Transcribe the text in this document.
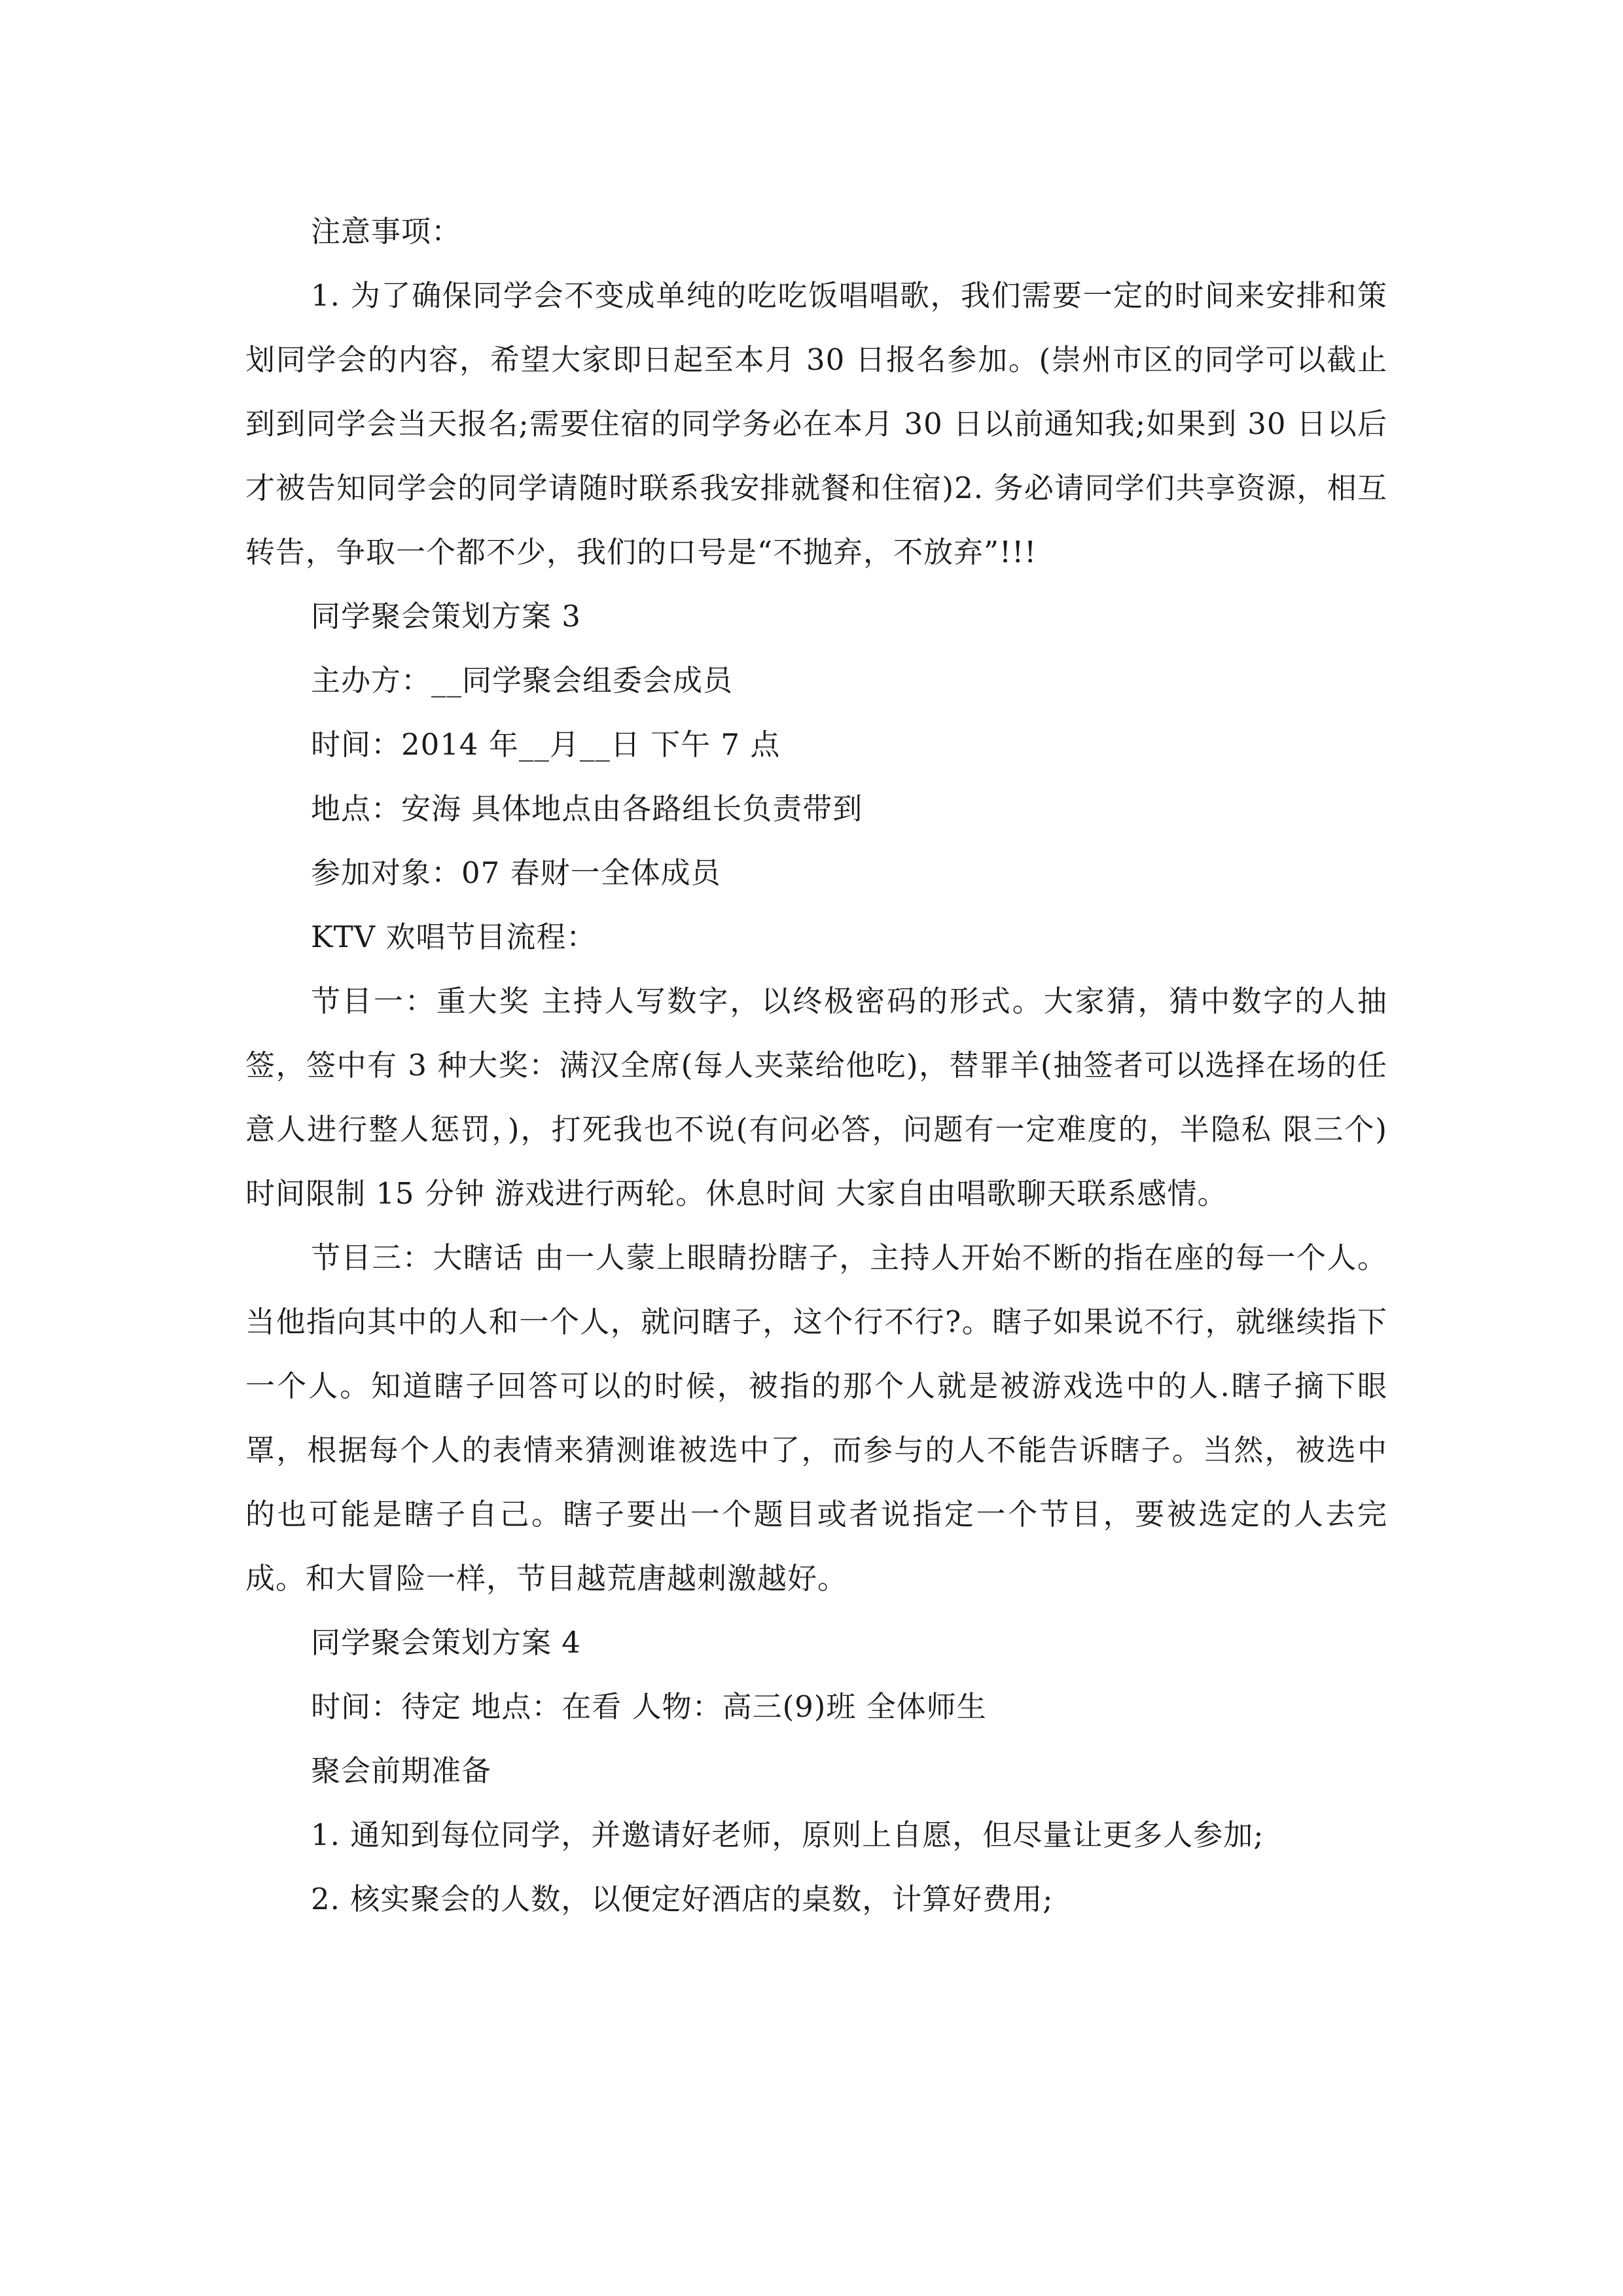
注意事项：

1. 为了确保同学会不变成单纯的吃吃饭唱唱歌，我们需要一定的时间来安排和策划同学会的内容，希望大家即日起至本月 30 日报名参加。(崇州市区的同学可以截止到到同学会当天报名;需要住宿的同学务必在本月 30 日以前通知我;如果到 30 日以后才被告知同学会的同学请随时联系我安排就餐和住宿)2. 务必请同学们共享资源，相互转告，争取一个都不少，我们的口号是“不抛弃，不放弃”!!!

同学聚会策划方案 3

主办方：__同学聚会组委会成员

时间：2014 年__月__日 下午 7 点

地点：安海 具体地点由各路组长负责带到

参加对象：07 春财一全体成员

KTV 欢唱节目流程：

节目一：重大奖 主持人写数字，以终极密码的形式。大家猜，猜中数字的人抽签，签中有 3 种大奖：满汉全席(每人夹菜给他吃)，替罪羊(抽签者可以选择在场的任意人进行整人惩罚，)，打死我也不说(有问必答，问题有一定难度的，半隐私 限三个)时间限制 15 分钟 游戏进行两轮。休息时间 大家自由唱歌聊天联系感情。

节目三：大瞎话 由一人蒙上眼睛扮瞎子，主持人开始不断的指在座的每一个人。当他指向其中的人和一个人，就问瞎子，这个行不行?。瞎子如果说不行，就继续指下一个人。知道瞎子回答可以的时候，被指的那个人就是被游戏选中的人.瞎子摘下眼罩，根据每个人的表情来猜测谁被选中了，而参与的人不能告诉瞎子。当然，被选中的也可能是瞎子自己。瞎子要出一个题目或者说指定一个节目，要被选定的人去完成。和大冒险一样，节目越荒唐越刺激越好。

同学聚会策划方案 4

时间：待定 地点：在看 人物：高三(9)班 全体师生

聚会前期准备

1. 通知到每位同学，并邀请好老师，原则上自愿，但尽量让更多人参加;

2. 核实聚会的人数，以便定好酒店的桌数，计算好费用;
